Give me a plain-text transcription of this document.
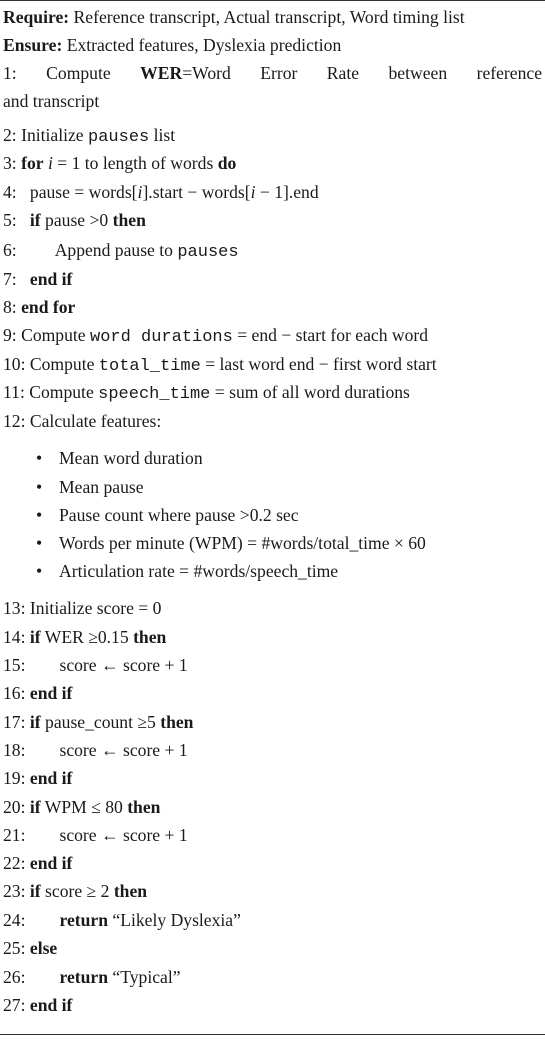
Require: Reference transcript, Actual transcript, Word timing list
Ensure: Extracted features, Dyslexia prediction
1: Compute WER=Word Error Rate between reference
and transcript
2: Initialize pauses list
3: for i = 1 to length of words do
4: pause = words[i].start − words[i − 1].end
5: if pause >0 then
6: Append pause to pauses
7: end if
8: end for
9: Compute word durations = end − start for each word
10: Compute total_time = last word end − first word start
11: Compute speech_time = sum of all word durations
12: Calculate features:
• Mean word duration
• Mean pause
• Pause count where pause >0.2 sec
• Words per minute (WPM) = #words/total_time × 60
• Articulation rate = #words/speech_time
13: Initialize score = 0
14: if WER ≥0.15 then
15: score ← score + 1
16: end if
17: if pause_count ≥5 then
18: score ← score + 1
19: end if
20: if WPM ≤ 80 then
21: score ← score + 1
22: end if
23: if score ≥ 2 then
24: return “Likely Dyslexia”
25: else
26: return “Typical”
27: end if
